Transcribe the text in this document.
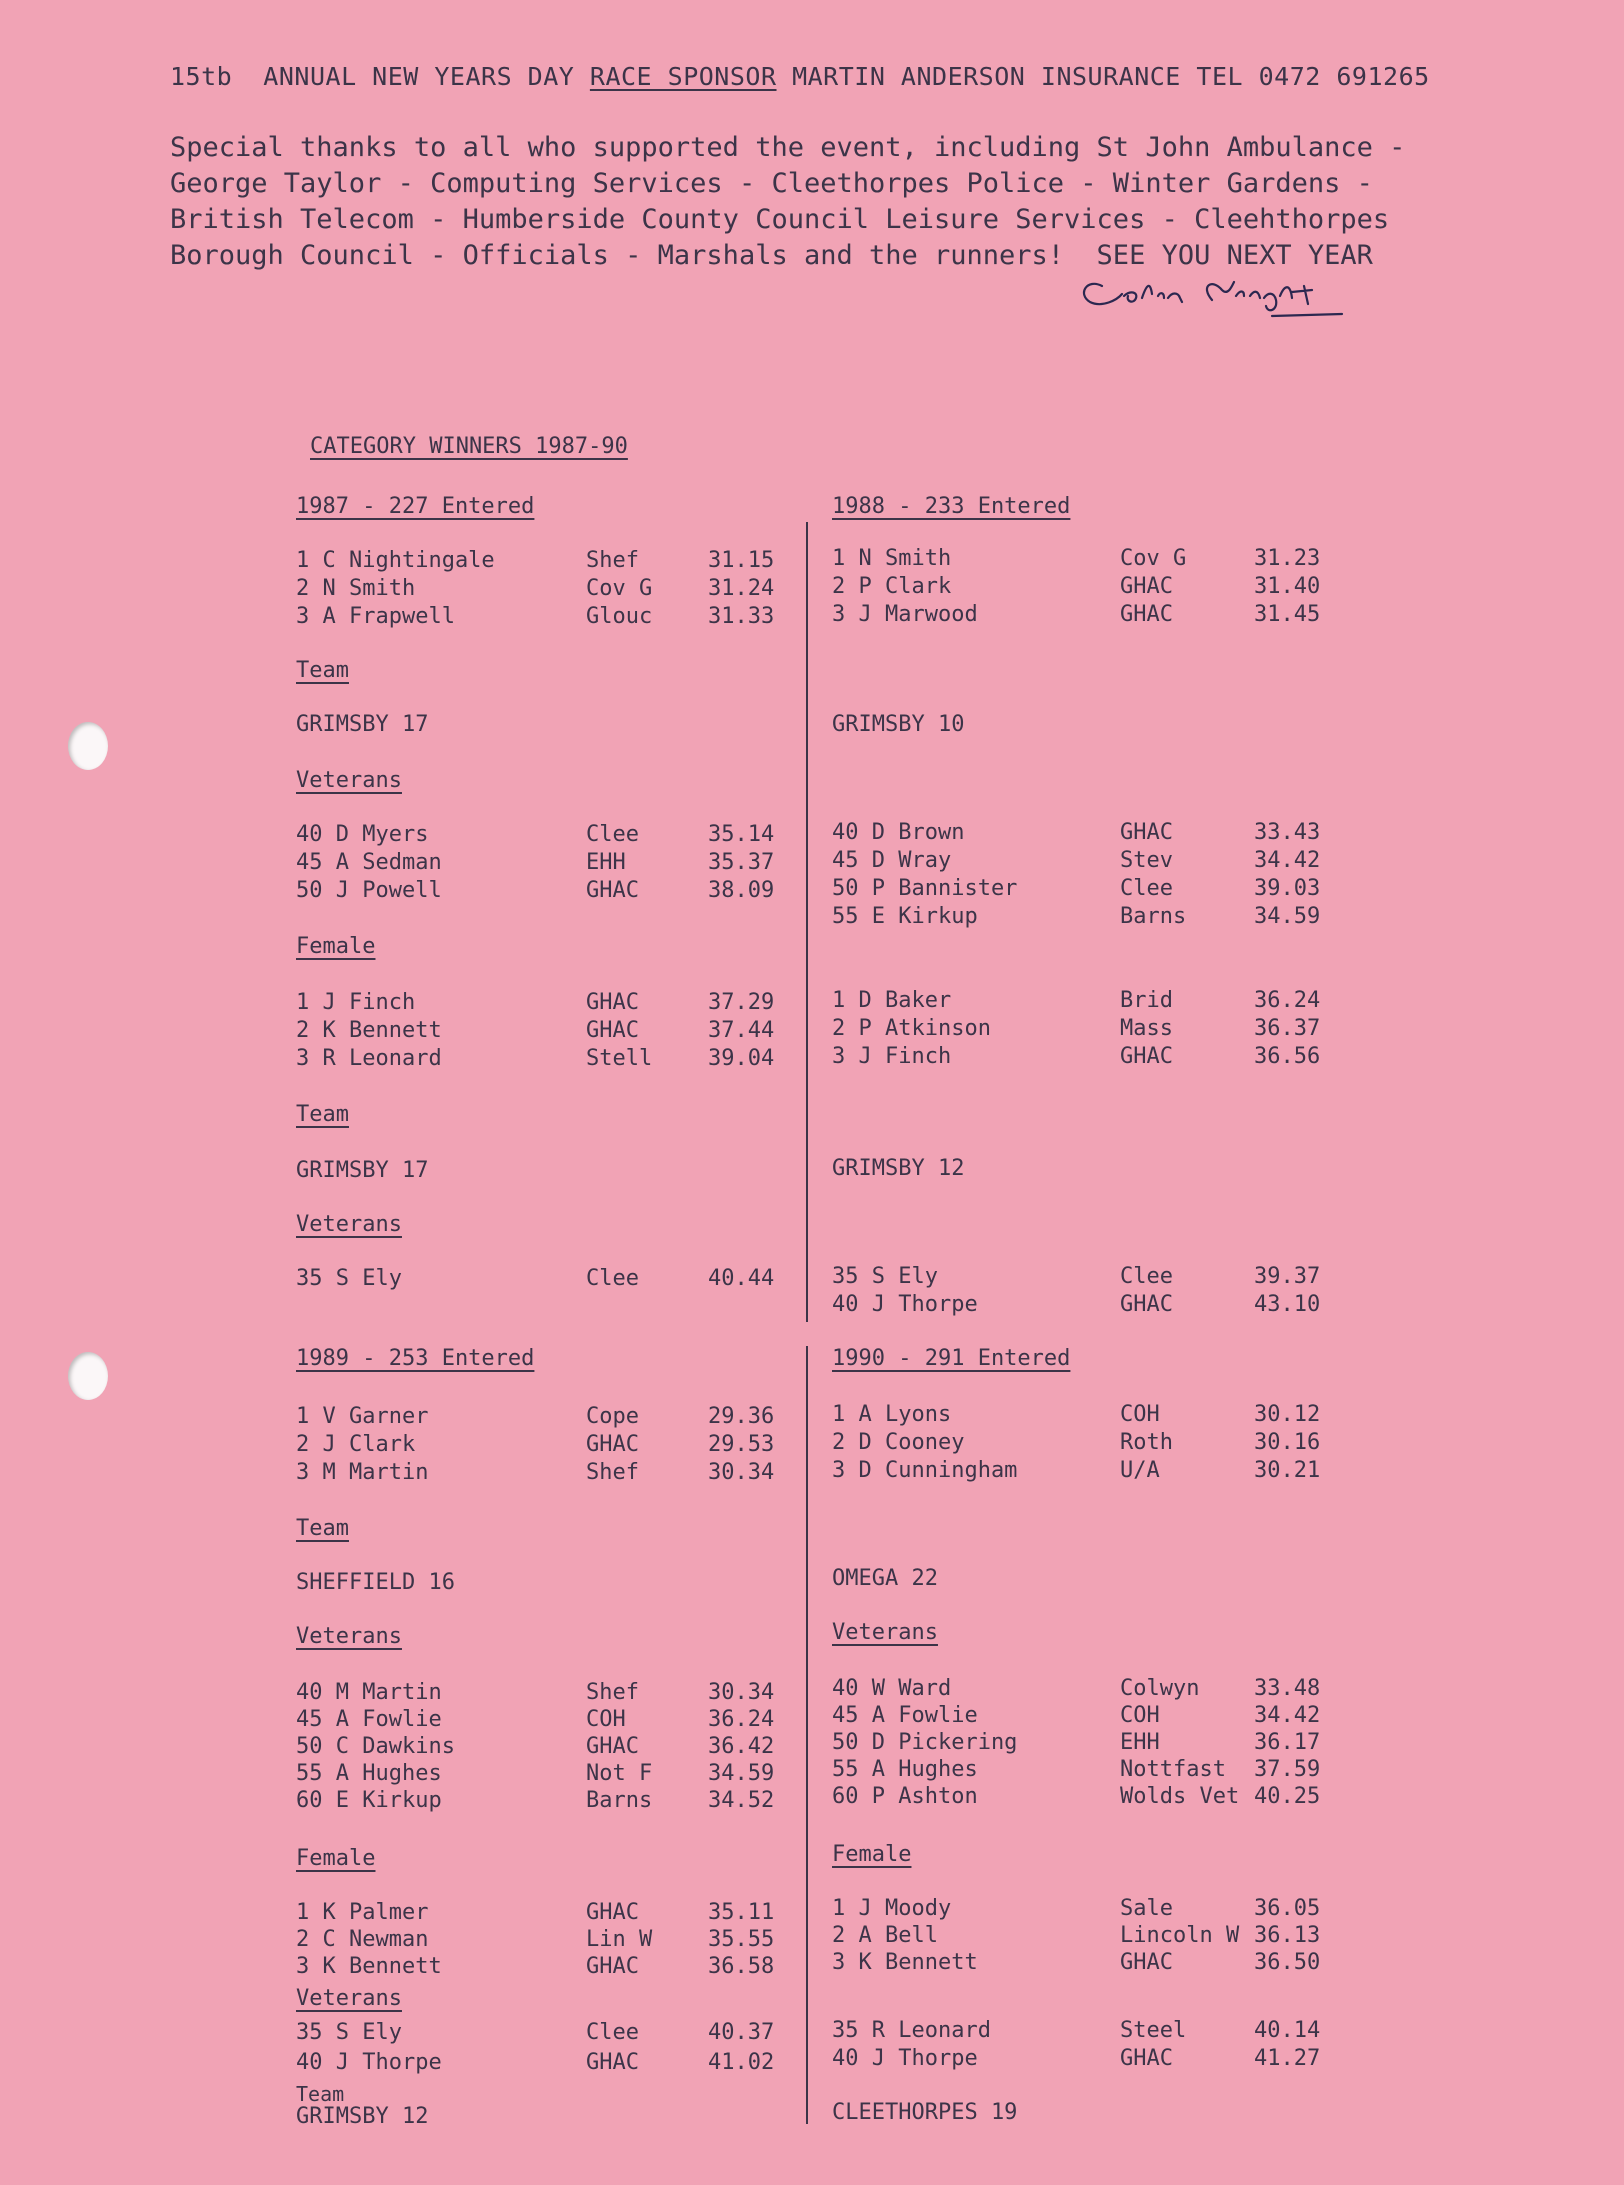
15tb  ANNUAL NEW YEARS DAY RACE SPONSOR MARTIN ANDERSON INSURANCE TEL 0472 691265
Special thanks to all who supported the event, including St John Ambulance -
George Taylor - Computing Services - Cleethorpes Police - Winter Gardens -
British Telecom - Humberside County Council Leisure Services - Cleehthorpes
Borough Council - Officials - Marshals and the runners!  SEE YOU NEXT YEAR
CATEGORY WINNERS 1987-90
1987 - 227 Entered
1 C Nightingale	Shef	31.15
2 N Smith	Cov G	31.24
3 A Frapwell	Glouc	31.33
Team
GRIMSBY 17
Veterans
40 D Myers	Clee	35.14
45 A Sedman	EHH	35.37
50 J Powell	GHAC	38.09
Female
1 J Finch	GHAC	37.29
2 K Bennett	GHAC	37.44
3 R Leonard	Stell	39.04
Team
GRIMSBY 17
Veterans
35 S Ely	Clee	40.44
1988 - 233 Entered
1 N Smith	Cov G	31.23
2 P Clark	GHAC	31.40
3 J Marwood	GHAC	31.45
GRIMSBY 10
40 D Brown	GHAC	33.43
45 D Wray	Stev	34.42
50 P Bannister	Clee	39.03
55 E Kirkup	Barns	34.59
1 D Baker	Brid	36.24
2 P Atkinson	Mass	36.37
3 J Finch	GHAC	36.56
GRIMSBY 12
35 S Ely	Clee	39.37
40 J Thorpe	GHAC	43.10
1989 - 253 Entered
1 V Garner	Cope	29.36
2 J Clark	GHAC	29.53
3 M Martin	Shef	30.34
Team
SHEFFIELD 16
Veterans
40 M Martin	Shef	30.34
45 A Fowlie	COH	36.24
50 C Dawkins	GHAC	36.42
55 A Hughes	Not F	34.59
60 E Kirkup	Barns	34.52
Female
1 K Palmer	GHAC	35.11
2 C Newman	Lin W	35.55
3 K Bennett	GHAC	36.58
Veterans
35 S Ely	Clee	40.37
40 J Thorpe	GHAC	41.02
Team
GRIMSBY 12
1990 - 291 Entered
1 A Lyons	COH	30.12
2 D Cooney	Roth	30.16
3 D Cunningham	U/A	30.21
OMEGA 22
Veterans
40 W Ward	Colwyn 33.48
45 A Fowlie	COH	34.42
50 D Pickering	EHH	36.17
55 A Hughes	Nottfast 37.59
60 P Ashton	Wolds Vet 40.25
Female
1 J Moody	Sale	36.05
2 A Bell	Lincoln W 36.13
3 K Bennett	GHAC	36.50
35 R Leonard	Steel	40.14
40 J Thorpe	GHAC	41.27
CLEETHORPES 19
